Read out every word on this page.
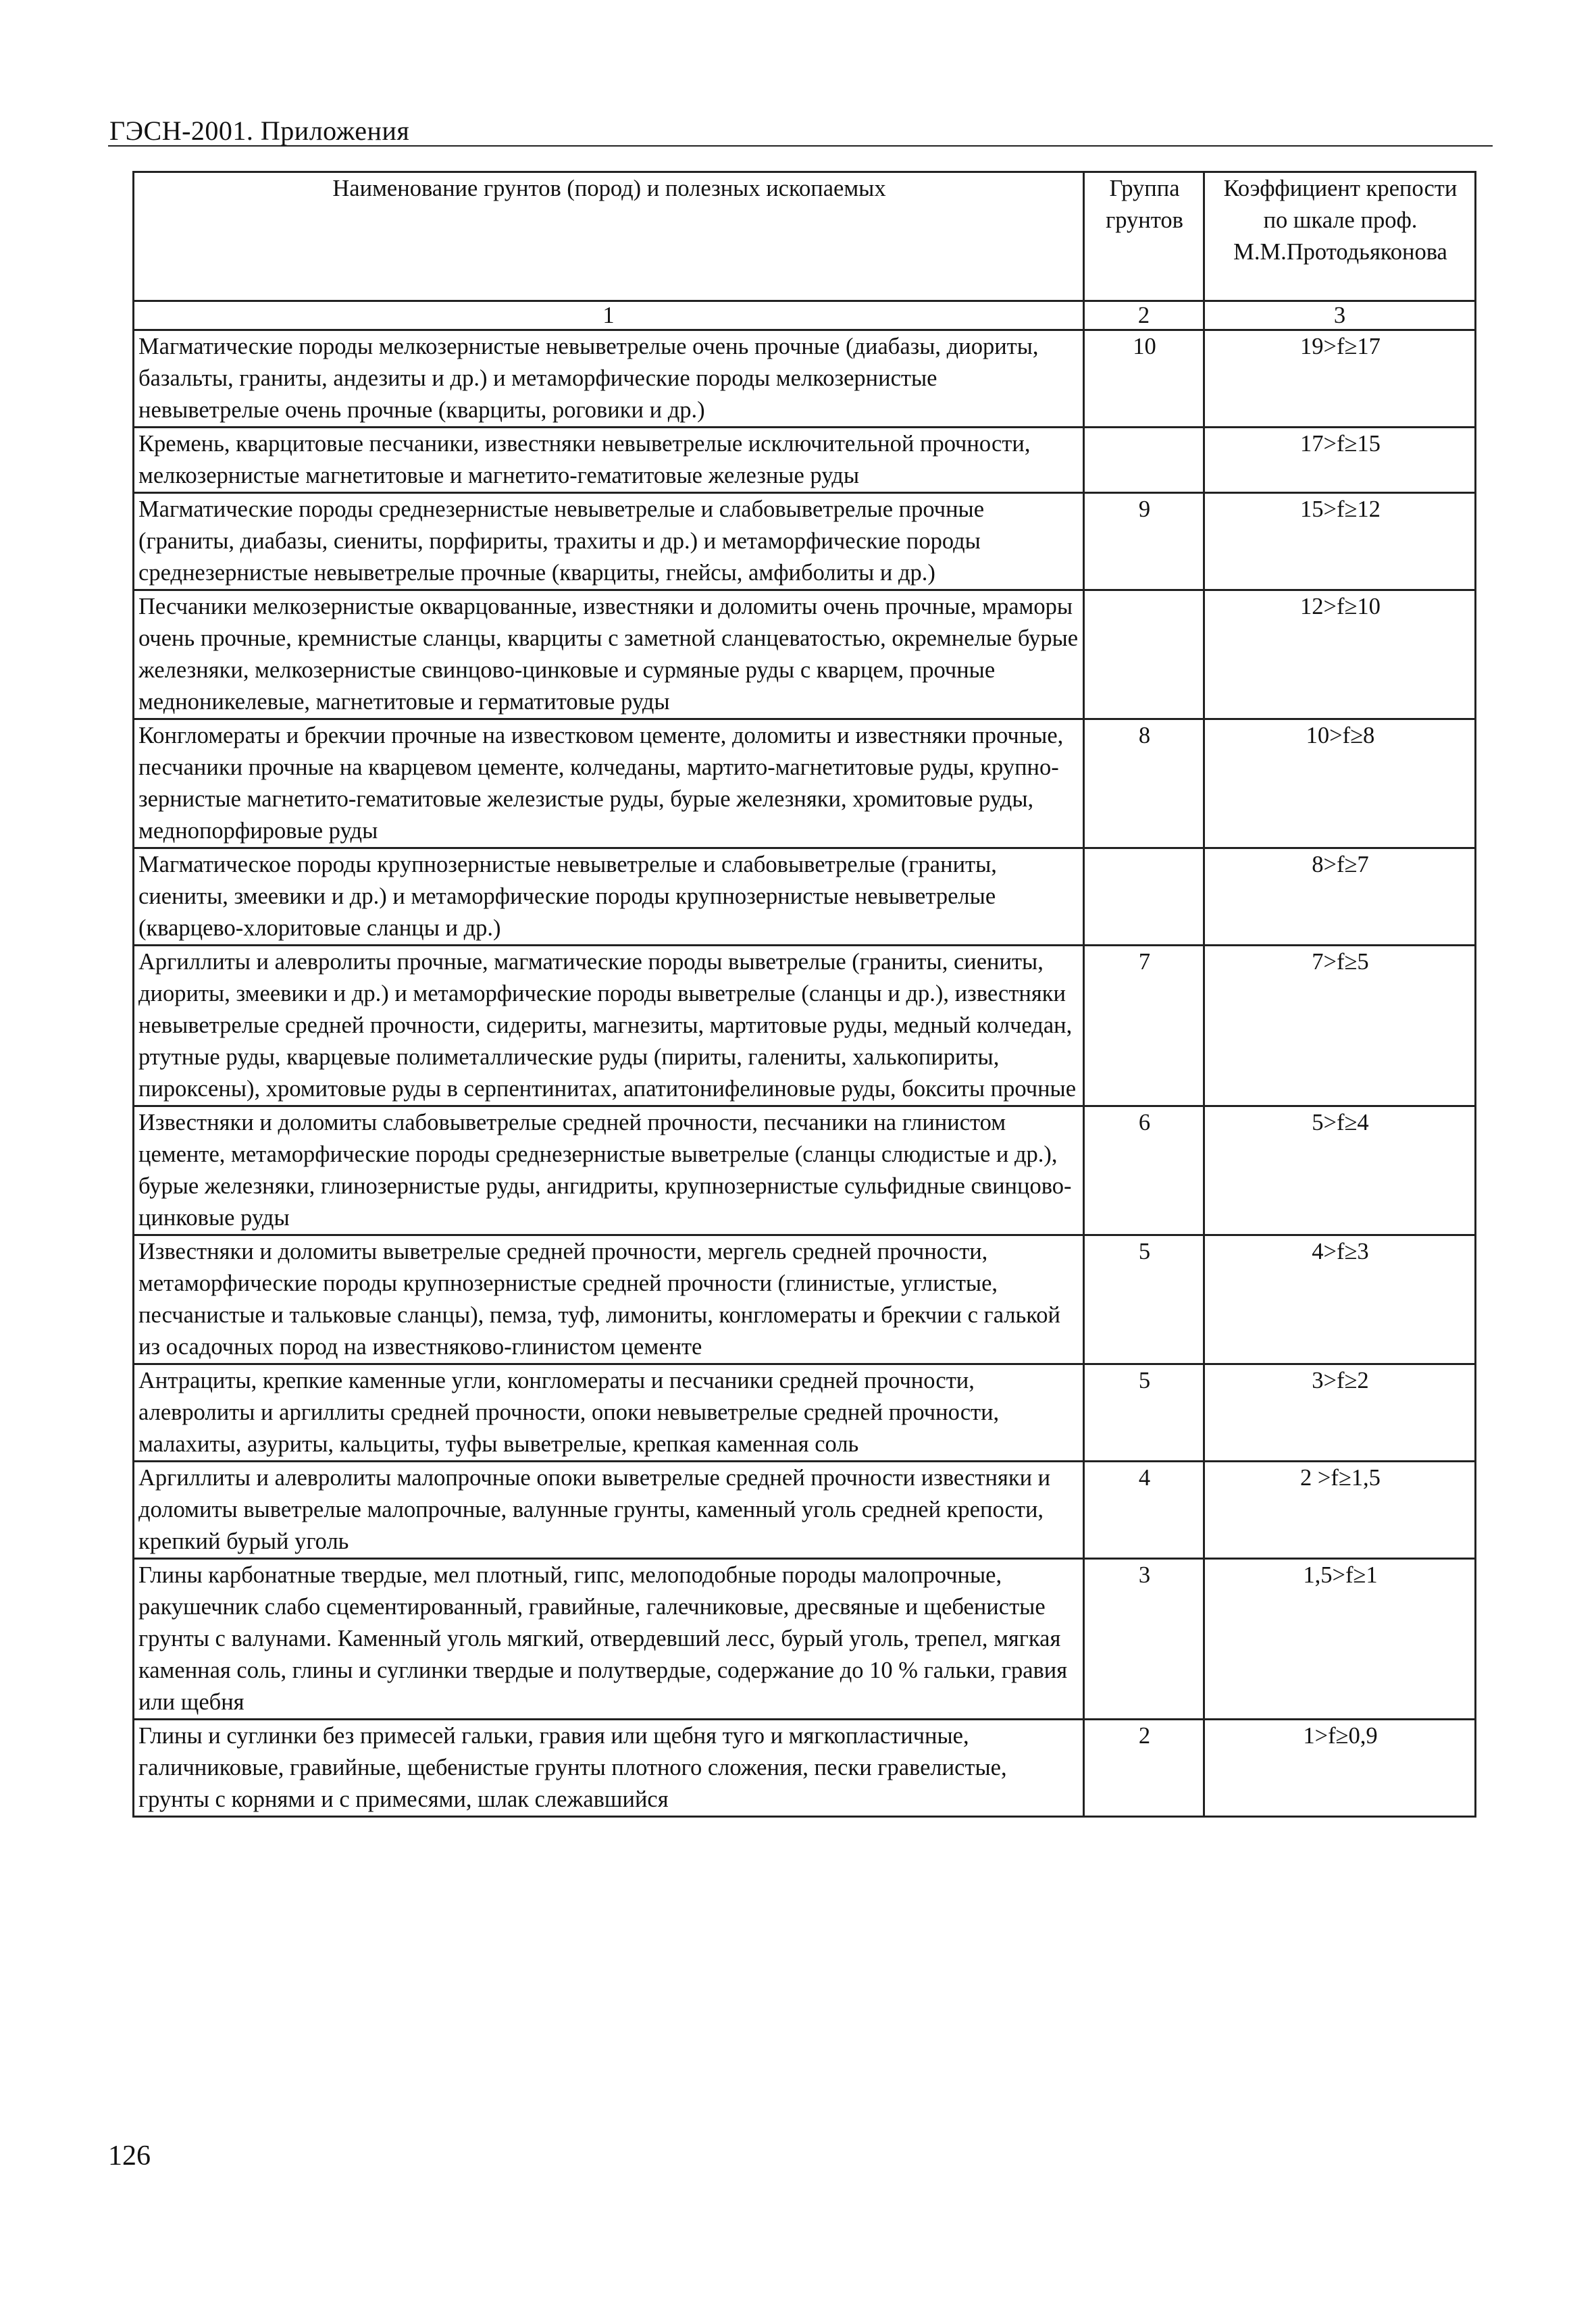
ГЭСН-2001. Приложения
Наименование грунтов (пород) и полезных ископаемых	Группа грунтов	Коэффициент крепости по шкале проф. М.М.Протодьяконова
1	2	3
Магматические породы мелкозернистые невыветрелые очень прочные (диабазы, диориты, базальты, граниты, андезиты и др.) и метаморфические породы мелкозернистые невыветрелые очень прочные (кварциты, роговики и др.)	10	19>f≥17
Кремень, кварцитовые песчаники, известняки невыветрелые исключительной прочности, мелкозернистые магнетитовые и магнетито-гематитовые железные руды		17>f≥15
Магматические породы среднезернистые невыветрелые и слабовыветрелые прочные (граниты, диабазы, сиениты, порфириты, трахиты и др.) и метаморфические породы среднезернистые невыветрелые прочные (кварциты, гнейсы, амфиболиты и др.)	9	15>f≥12
Песчаники мелкозернистые окварцованные, известняки и доломиты очень прочные, мраморы очень прочные, кремнистые сланцы, кварциты с заметной сланцеватостью, окремнелые бурые железняки, мелкозернистые свинцово-цинковые и сурмяные руды с кварцем, прочные медноникелевые, магнетитовые и герматитовые руды		12>f≥10
Конгломераты и брекчии прочные на известковом цементе, доломиты и известняки прочные, песчаники прочные на кварцевом цементе, колчеданы, мартито-магнетитовые руды, крупно-зернистые магнетито-гематитовые железистые руды, бурые железняки, хромитовые руды, меднопорфировые руды	8	10>f≥8
Магматическое породы крупнозернистые невыветрелые и слабовыветрелые (граниты, сиениты, змеевики и др.) и метаморфические породы крупнозернистые невыветрелые (кварцево-хлоритовые сланцы и др.)		8>f≥7
Аргиллиты и алевролиты прочные, магматические породы выветрелые (граниты, сиениты, диориты, змеевики и др.) и метаморфические породы выветрелые (сланцы и др.), известняки невыветрелые средней прочности, сидериты, магнезиты, мартитовые руды, медный колчедан, ртутные руды, кварцевые полиметаллические руды (пириты, галениты, халькопириты, пироксены), хромитовые руды в серпентинитах, апатитонифелиновые руды, бокситы прочные	7	7>f≥5
Известняки и доломиты слабовыветрелые средней прочности, песчаники на глинистом цементе, метаморфические породы среднезернистые выветрелые (сланцы слюдистые и др.), бурые железняки, глинозернистые руды, ангидриты, крупнозернистые сульфидные свинцово-цинковые руды	6	5>f≥4
Известняки и доломиты выветрелые средней прочности, мергель средней прочности, метаморфические породы крупнозернистые средней прочности (глинистые, углистые, песчанистые и тальковые сланцы), пемза, туф, лимониты, конгломераты и брекчии с галькой из осадочных пород на известняково-глинистом цементе	5	4>f≥3
Антрациты, крепкие каменные угли, конгломераты и песчаники средней прочности, алевролиты и аргиллиты средней прочности, опоки невыветрелые средней прочности, малахиты, азуриты, кальциты, туфы выветрелые, крепкая каменная соль	5	3>f≥2
Аргиллиты и алевролиты малопрочные опоки выветрелые средней прочности известняки и доломиты выветрелые малопрочные, валунные грунты, каменный уголь средней крепости, крепкий бурый уголь	4	2 >f≥1,5
Глины карбонатные твердые, мел плотный, гипс, мелоподобные породы малопрочные, ракушечник слабо сцементированный, гравийные, галечниковые, дресвяные и щебенистые грунты с валунами. Каменный уголь мягкий, отвердевший лесс, бурый уголь, трепел, мягкая каменная соль, глины и суглинки твердые и полутвердые, содержание до 10 % гальки, гравия или щебня	3	1,5>f≥1
Глины и суглинки без примесей гальки, гравия или щебня туго и мягкопластичные, галичниковые, гравийные, щебенистые грунты плотного сложения, пески гравелистые, грунты с корнями и с примесями, шлак слежавшийся	2	1>f≥0,9
126
